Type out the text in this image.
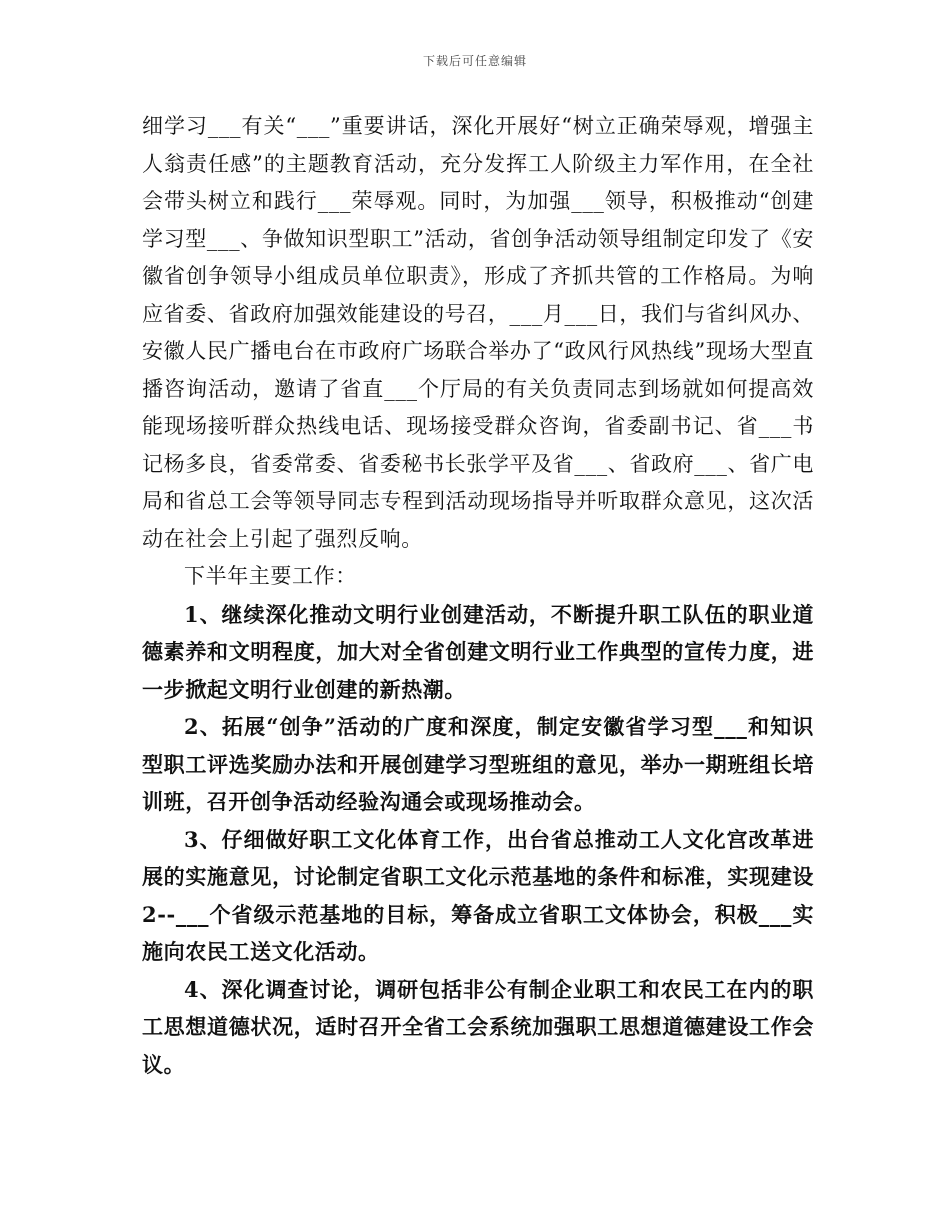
下载后可任意编辑

细学习___有关“___”重要讲话，深化开展好“树立正确荣辱观，增强主人翁责任感”的主题教育活动，充分发挥工人阶级主力军作用，在全社会带头树立和践行___荣辱观。同时，为加强___领导，积极推动“创建学习型___、争做知识型职工”活动，省创争活动领导组制定印发了《安徽省创争领导小组成员单位职责》，形成了齐抓共管的工作格局。为响应省委、省政府加强效能建设的号召，___月___日，我们与省纠风办、安徽人民广播电台在市政府广场联合举办了“政风行风热线”现场大型直播咨询活动，邀请了省直___个厅局的有关负责同志到场就如何提高效能现场接听群众热线电话、现场接受群众咨询，省委副书记、省___书记杨多良，省委常委、省委秘书长张学平及省___、省政府___、省广电局和省总工会等领导同志专程到活动现场指导并听取群众意见，这次活动在社会上引起了强烈反响。

下半年主要工作：

1、继续深化推动文明行业创建活动，不断提升职工队伍的职业道德素养和文明程度，加大对全省创建文明行业工作典型的宣传力度，进一步掀起文明行业创建的新热潮。

2、拓展“创争”活动的广度和深度，制定安徽省学习型___和知识型职工评选奖励办法和开展创建学习型班组的意见，举办一期班组长培训班，召开创争活动经验沟通会或现场推动会。

3、仔细做好职工文化体育工作，出台省总推动工人文化宫改革进展的实施意见，讨论制定省职工文化示范基地的条件和标准，实现建设2--___个省级示范基地的目标，筹备成立省职工文体协会，积极___实施向农民工送文化活动。

4、深化调查讨论，调研包括非公有制企业职工和农民工在内的职工思想道德状况，适时召开全省工会系统加强职工思想道德建设工作会议。
